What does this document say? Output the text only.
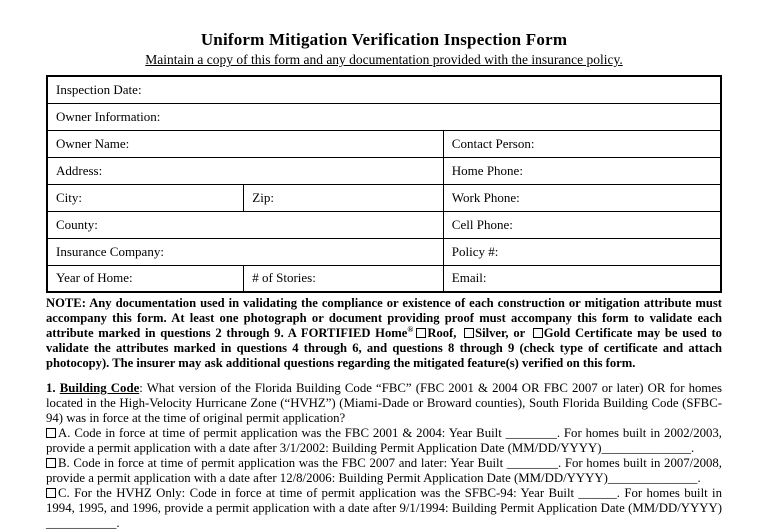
Uniform Mitigation Verification Inspection Form
Maintain a copy of this form and any documentation provided with the insurance policy.
Inspection Date:		
Owner Information:		
Owner Name:		Contact Person:
Address:		Home Phone:
City:	Zip:	Work Phone:
County:		Cell Phone:
Insurance Company:		Policy #:
Year of Home:	# of Stories:	Email:

NOTE: Any documentation used in validating the compliance or existence of each construction or mitigation attribute must accompany this form. At least one photograph or document providing proof must accompany this form to validate each attribute marked in questions 2 through 9. A FORTIFIED Home® Roof, Silver, or Gold Certificate may be used to validate the attributes marked in questions 4 through 6, and questions 8 through 9 (check type of certificate and attach photocopy). The insurer may ask additional questions regarding the mitigated feature(s) verified on this form.

1. Building Code: What version of the Florida Building Code “FBC” (FBC 2001 & 2004 OR FBC 2007 or later) OR for homes located in the High-Velocity Hurricane Zone (“HVHZ”) (Miami-Dade or Broward counties), South Florida Building Code (SFBC-94) was in force at the time of original permit application?

A. Code in force at time of permit application was the FBC 2001 & 2004: Year Built ________. For homes built in 2002/2003, provide a permit application with a date after 3/1/2002: Building Permit Application Date (MM/DD/YYYY)______________.

B. Code in force at time of permit application was the FBC 2007 and later: Year Built ________. For homes built in 2007/2008, provide a permit application with a date after 12/8/2006: Building Permit Application Date (MM/DD/YYYY)______________.

C. For the HVHZ Only: Code in force at time of permit application was the SFBC-94: Year Built ______. For homes built in 1994, 1995, and 1996, provide a permit application with a date after 9/1/1994: Building Permit Application Date (MM/DD/YYYY) ___________.
